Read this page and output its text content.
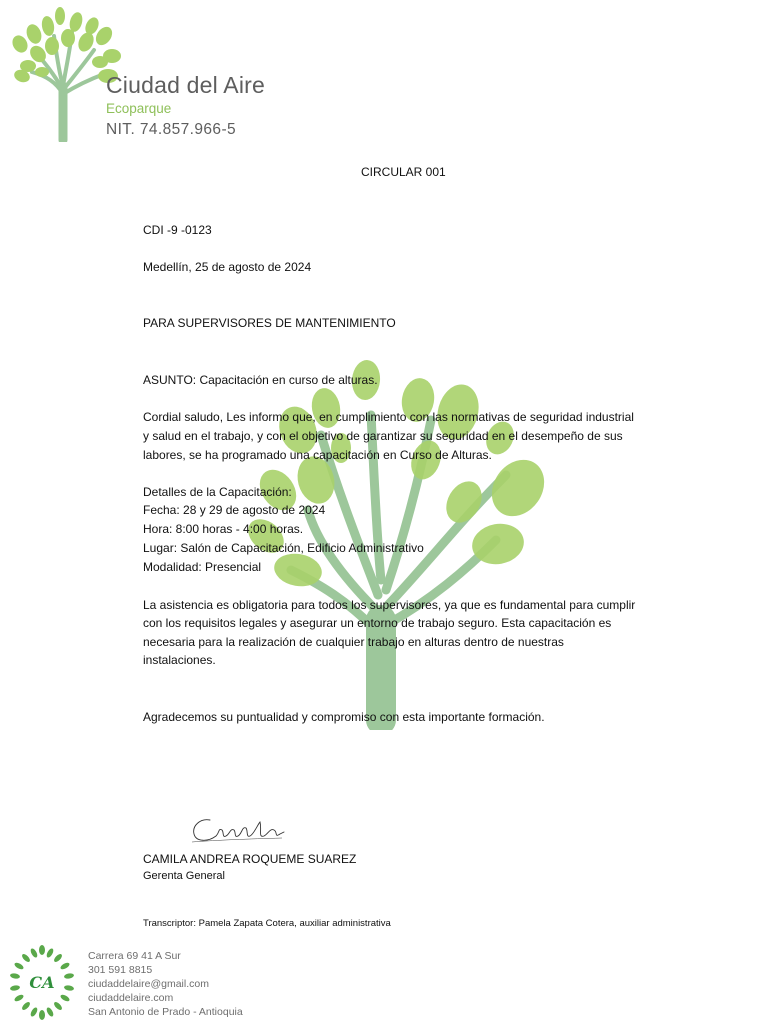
Ciudad del Aire
Ecoparque
NIT. 74.857.966-5
CIRCULAR 001
CDI -9 -0123
Medellín, 25 de agosto de 2024
PARA SUPERVISORES DE MANTENIMIENTO
ASUNTO: Capacitación en curso de alturas.
Cordial saludo, Les informo que, en cumplimiento con las normativas de seguridad industrial
y salud en el trabajo, y con el objetivo de garantizar su seguridad en el desempeño de sus
labores, se ha programado una capacitación en Curso de Alturas.
Detalles de la Capacitación:
Fecha: 28 y 29 de agosto de 2024
Hora: 8:00 horas - 4:00 horas.
Lugar: Salón de Capacitación, Edificio Administrativo
Modalidad: Presencial
La asistencia es obligatoria para todos los supervisores, ya que es fundamental para cumplir
con los requisitos legales y asegurar un entorno de trabajo seguro. Esta capacitación es
necesaria para la realización de cualquier trabajo en alturas dentro de nuestras
instalaciones.
Agradecemos su puntualidad y compromiso con esta importante formación.
CAMILA ANDREA ROQUEME SUAREZ
Gerenta General
Transcriptor: Pamela Zapata Cotera, auxiliar administrativa
CA
Carrera 69 41 A Sur
301 591 8815
ciudaddelaire@gmail.com
ciudaddelaire.com
San Antonio de Prado - Antioquia
